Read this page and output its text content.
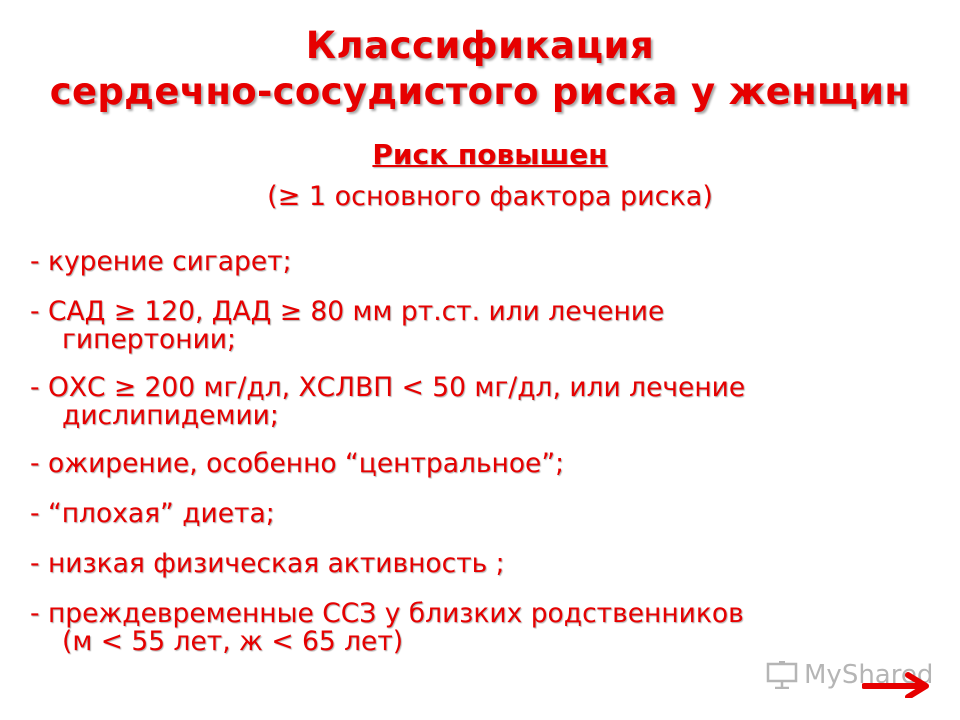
Классификация
сердечно-сосудистого риска у женщин
Риск повышен
(≥ 1 основного фактора риска)
- курение сигарет;
- САД ≥ 120, ДАД ≥ 80 мм рт.ст. или лечение
гипертонии;
- ОХС ≥ 200 мг/дл, ХСЛВП < 50 мг/дл, или лечение
дислипидемии;
- ожирение, особенно “центральное”;
- “плохая” диета;
- низкая физическая активность ;
- преждевременные ССЗ у близких родственников
(м < 55 лет, ж < 65 лет)
MyShared
